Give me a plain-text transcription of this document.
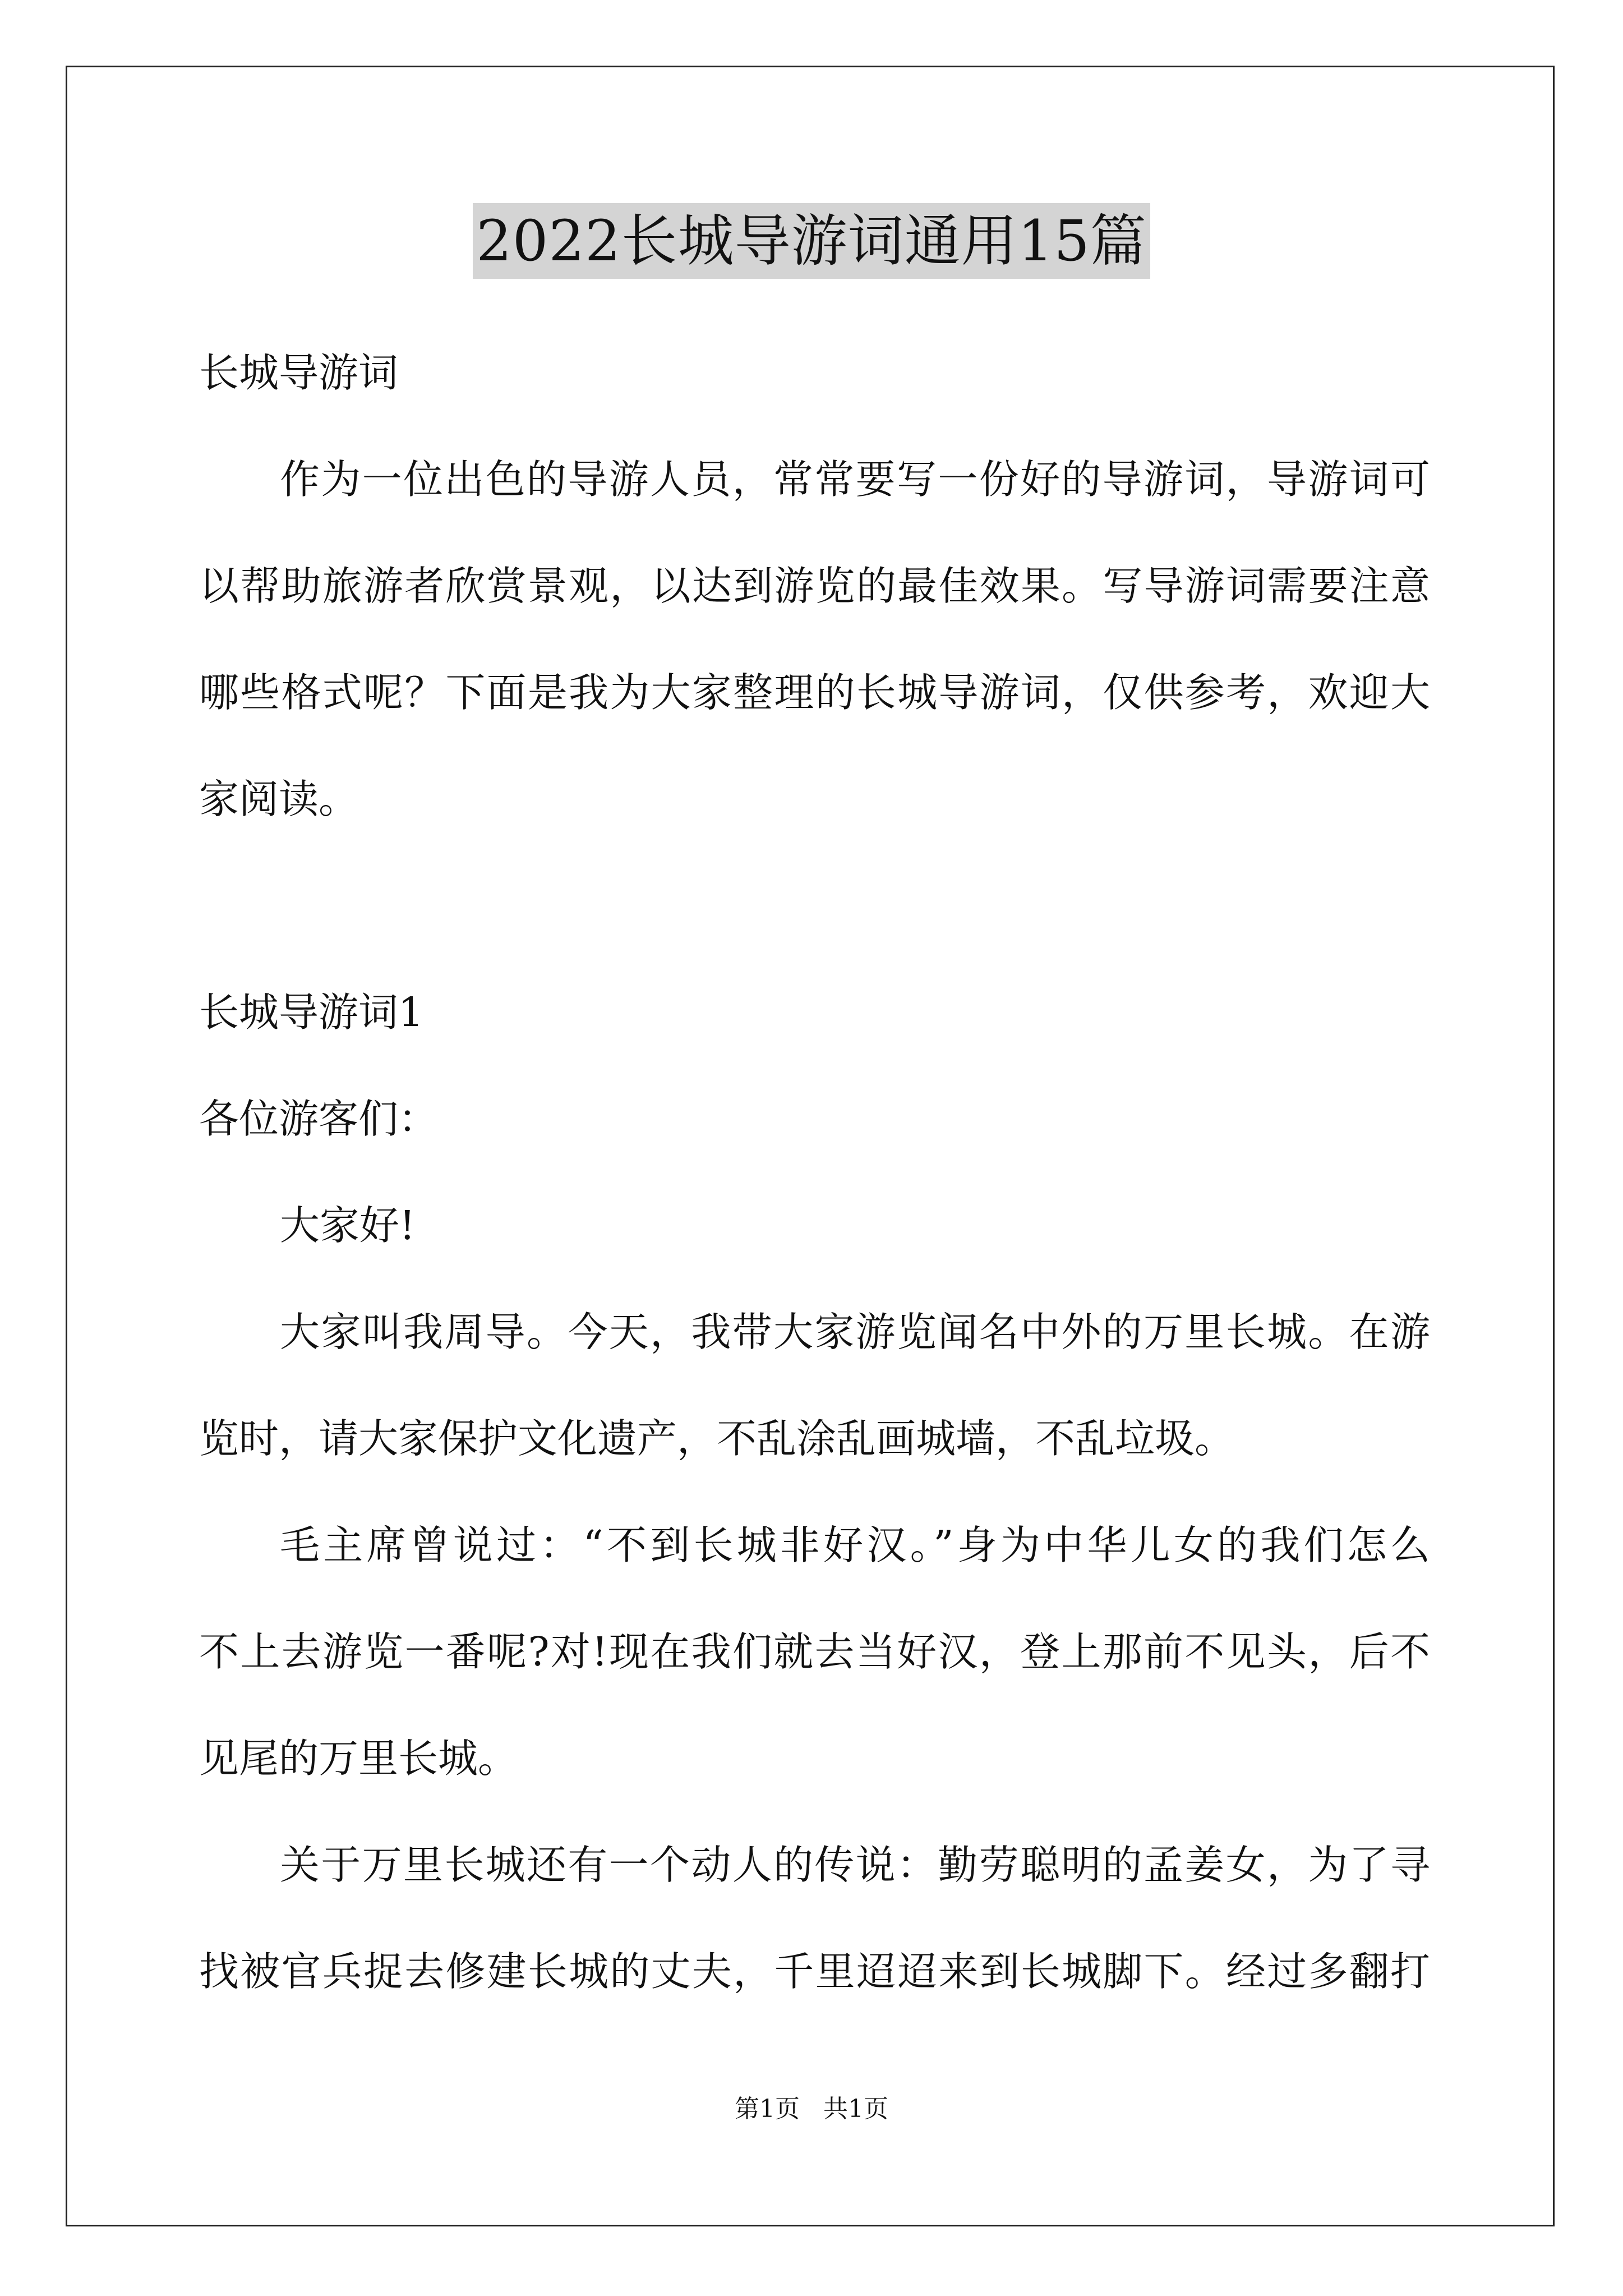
2022长城导游词通用15篇
长城导游词
作为一位出色的导游人员，常常要写一份好的导游词，导游词可
以帮助旅游者欣赏景观，以达到游览的最佳效果。写导游词需要注意
哪些格式呢？下面是我为大家整理的长城导游词，仅供参考，欢迎大
家阅读。
长城导游词1
各位游客们：
大家好!
大家叫我周导。今天，我带大家游览闻名中外的万里长城。在游
览时，请大家保护文化遗产，不乱涂乱画城墙，不乱垃圾。
毛主席曾说过：“不到长城非好汉。”身为中华儿女的我们怎么
不上去游览一番呢?对!现在我们就去当好汉，登上那前不见头，后不
见尾的万里长城。
关于万里长城还有一个动人的传说：勤劳聪明的孟姜女，为了寻
找被官兵捉去修建长城的丈夫，千里迢迢来到长城脚下。经过多翻打
第1页 共1页
